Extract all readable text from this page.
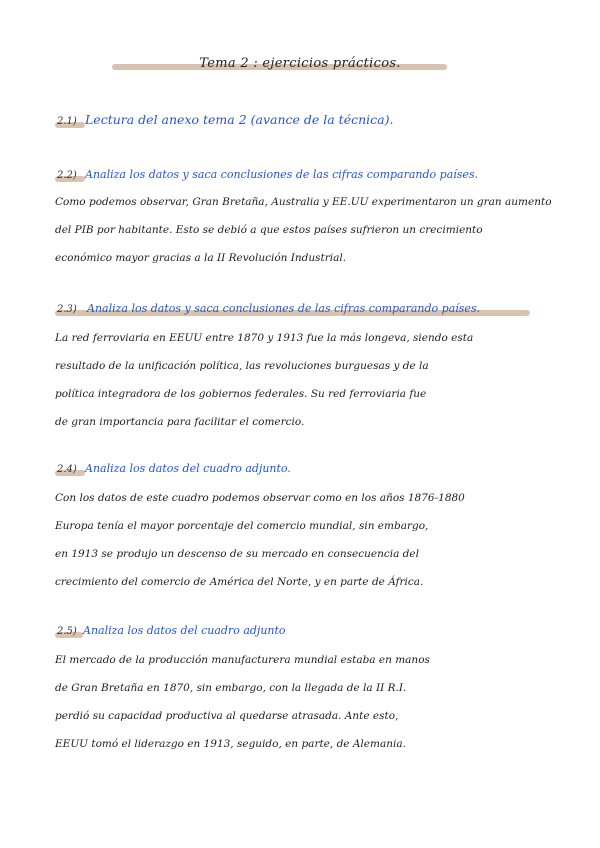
Tema 2 : ejercicios prácticos.
2.1) Lectura del anexo tema 2 (avance de la técnica).
2.2) Analiza los datos y saca conclusiones de las cifras comparando países.
Como podemos observar, Gran Bretaña, Australia y EE.UU experimentaron un gran aumento
del PIB por habitante. Esto se debió a que estos países sufrieron un crecimiento
económico mayor gracias a la II Revolución Industrial.
2.3) Analiza los datos y saca conclusiones de las cifras comparando países.
La red ferroviaria en EEUU entre 1870 y 1913 fue la más longeva, siendo esta
resultado de la unificación política, las revoluciones burguesas y de la
política integradora de los gobiernos federales. Su red ferroviaria fue
de gran importancia para facilitar el comercio.
2.4) Analiza los datos del cuadro adjunto.
Con los datos de este cuadro podemos observar como en los años 1876-1880
Europa tenía el mayor porcentaje del comercio mundial, sin embargo,
en 1913 se produjo un descenso de su mercado en consecuencia del
crecimiento del comercio de América del Norte, y en parte de África.
2.5) Analiza los datos del cuadro adjunto
El mercado de la producción manufacturera mundial estaba en manos
de Gran Bretaña en 1870, sin embargo, con la llegada de la II R.I.
perdió su capacidad productiva al quedarse atrasada. Ante esto,
EEUU tomó el liderazgo en 1913, seguido, en parte, de Alemania.
